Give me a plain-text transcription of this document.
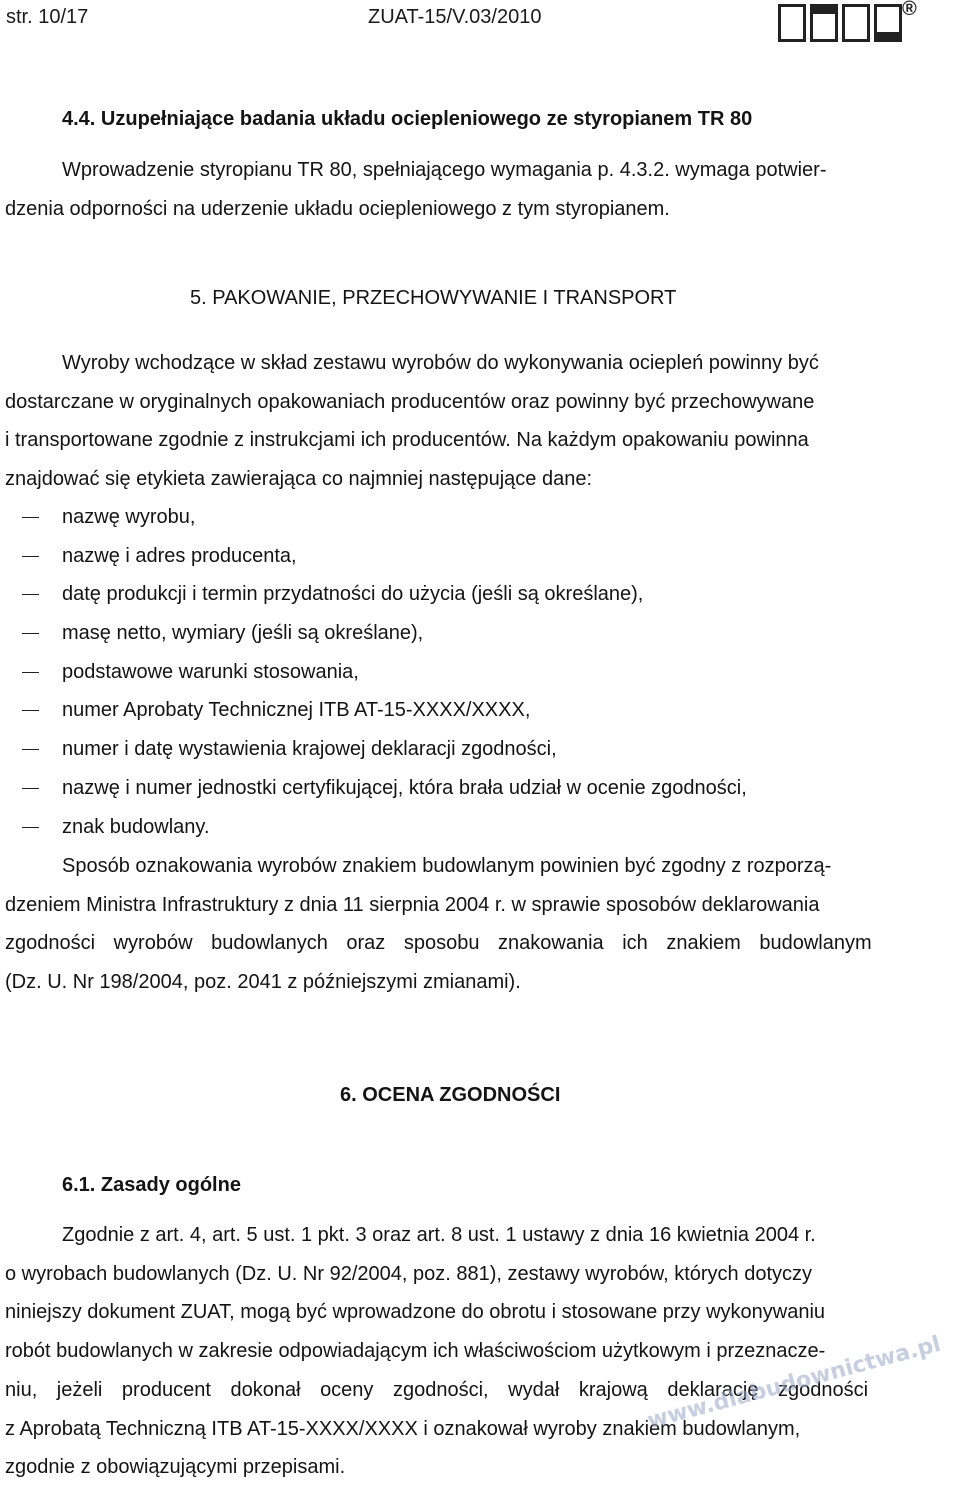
str. 10/17	ZUAT-15/V.03/2010	®
4.4. Uzupełniające badania układu ociepleniowego ze styropianem TR 80
Wprowadzenie styropianu TR 80, spełniającego wymagania p. 4.3.2. wymaga potwier-
dzenia odporności na uderzenie układu ociepleniowego z tym styropianem.
5. PAKOWANIE, PRZECHOWYWANIE I TRANSPORT
Wyroby wchodzące w skład zestawu wyrobów do wykonywania ociepleń powinny być
dostarczane w oryginalnych opakowaniach producentów oraz powinny być przechowywane
i transportowane zgodnie z instrukcjami ich producentów. Na każdym opakowaniu powinna
znajdować się etykieta zawierająca co najmniej następujące dane:
nazwę wyrobu,
nazwę i adres producenta,
datę produkcji i termin przydatności do użycia (jeśli są określane),
masę netto, wymiary (jeśli są określane),
podstawowe warunki stosowania,
numer Aprobaty Technicznej ITB AT-15-XXXX/XXXX,
numer i datę wystawienia krajowej deklaracji zgodności,
nazwę i numer jednostki certyfikującej, która brała udział w ocenie zgodności,
znak budowlany.
Sposób oznakowania wyrobów znakiem budowlanym powinien być zgodny z rozporzą-
dzeniem Ministra Infrastruktury z dnia 11 sierpnia 2004 r. w sprawie sposobów deklarowania
zgodności wyrobów budowlanych oraz sposobu znakowania ich znakiem budowlanym
(Dz. U. Nr 198/2004, poz. 2041 z późniejszymi zmianami).
6. OCENA ZGODNOŚCI
6.1. Zasady ogólne
Zgodnie z art. 4, art. 5 ust. 1 pkt. 3 oraz art. 8 ust. 1 ustawy z dnia 16 kwietnia 2004 r.
o wyrobach budowlanych (Dz. U. Nr 92/2004, poz. 881), zestawy wyrobów, których dotyczy
niniejszy dokument ZUAT, mogą być wprowadzone do obrotu i stosowane przy wykonywaniu
robót budowlanych w zakresie odpowiadającym ich właściwościom użytkowym i przeznacze-
niu, jeżeli producent dokonał oceny zgodności, wydał krajową deklarację zgodności
z Aprobatą Techniczną ITB AT-15-XXXX/XXXX i oznakował wyroby znakiem budowlanym,
zgodnie z obowiązującymi przepisami.
www.dlabudownictwa.pl
